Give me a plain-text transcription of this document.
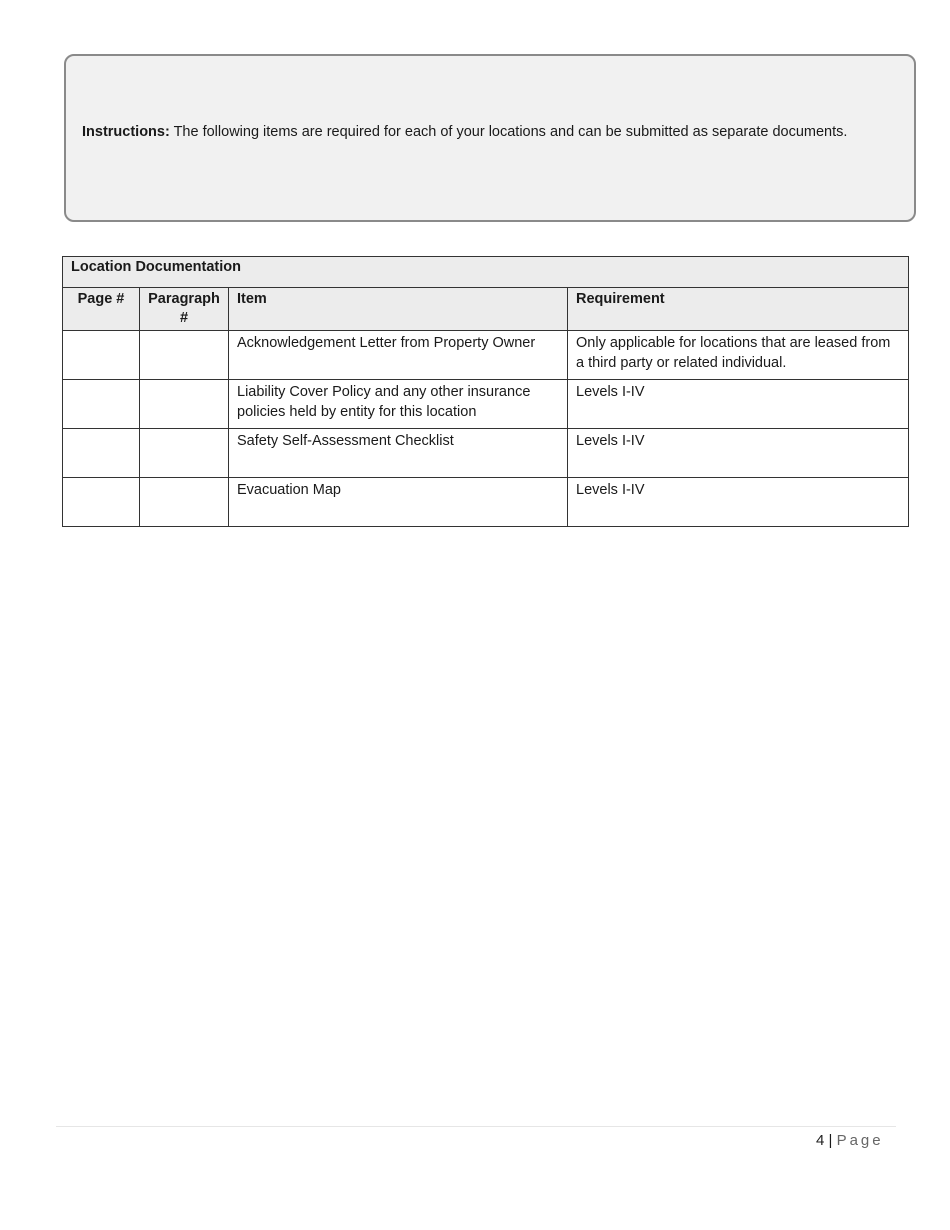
Instructions: The following items are required for each of your locations and can be submitted as separate documents.
Location Documentation			
Page #	Paragraph #	Item	Requirement
		Acknowledgement Letter from Property Owner	Only applicable for locations that are leased from a third party or related individual.
		Liability Cover Policy and any other insurance policies held by entity for this location	Levels I-IV
		Safety Self-Assessment Checklist	Levels I-IV
		Evacuation Map	Levels I-IV
4 | Page
